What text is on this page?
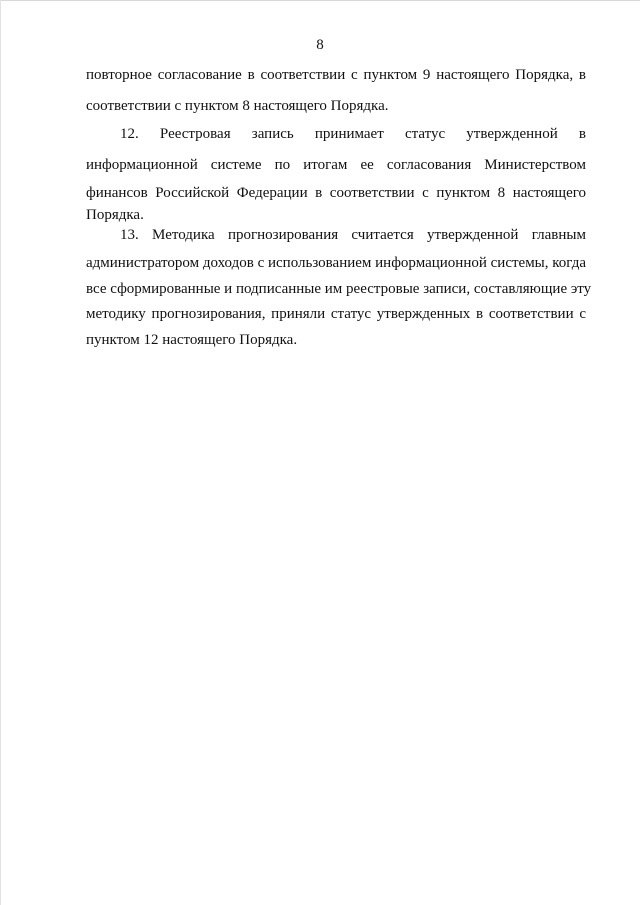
8
повторное согласование в соответствии с пунктом 9 настоящего Порядка, в
соответствии с пунктом 8 настоящего Порядка.
12. Реестровая запись принимает статус утвержденной в
информационной системе по итогам ее согласования Министерством
финансов Российской Федерации в соответствии с пунктом 8 настоящего
Порядка.
13. Методика прогнозирования считается утвержденной главным
администратором доходов с использованием информационной системы, когда
все сформированные и подписанные им реестровые записи, составляющие эту
методику прогнозирования, приняли статус утвержденных в соответствии с
пунктом 12 настоящего Порядка.
